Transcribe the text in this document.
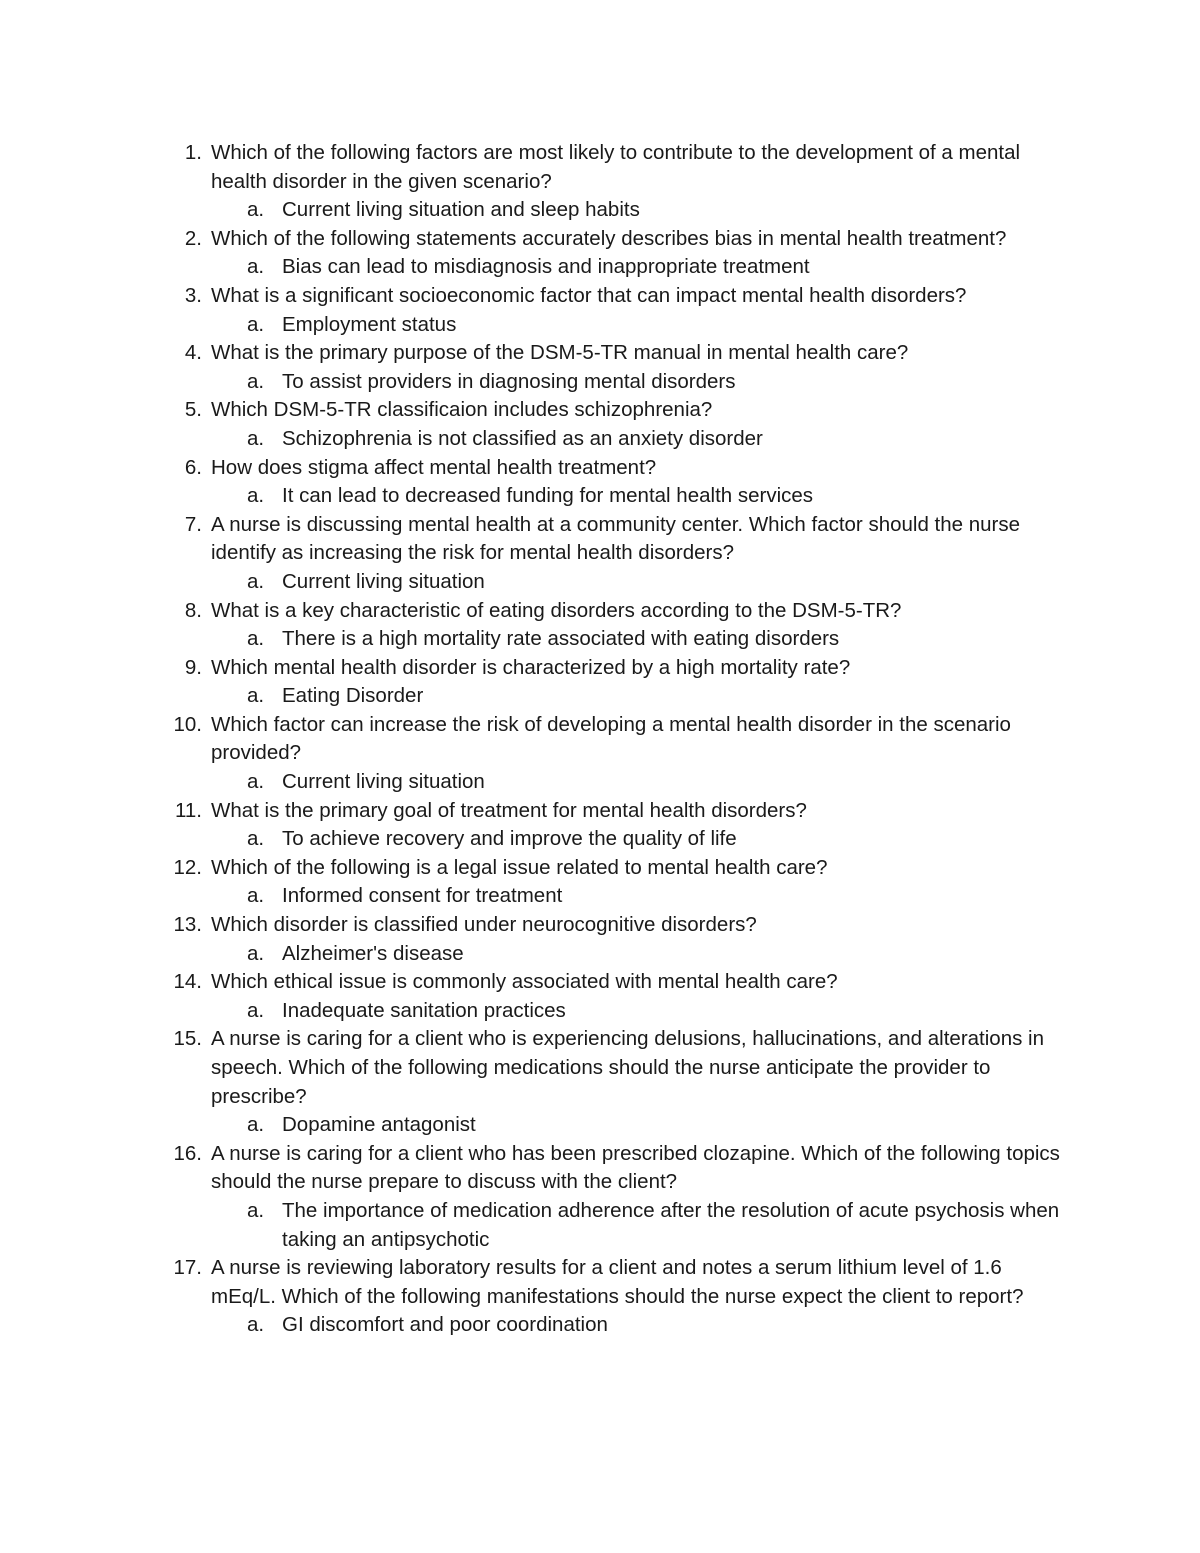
1. Which of the following factors are most likely to contribute to the development of a mental health disorder in the given scenario?
a. Current living situation and sleep habits
2. Which of the following statements accurately describes bias in mental health treatment?
a. Bias can lead to misdiagnosis and inappropriate treatment
3. What is a significant socioeconomic factor that can impact mental health disorders?
a. Employment status
4. What is the primary purpose of the DSM-5-TR manual in mental health care?
a. To assist providers in diagnosing mental disorders
5. Which DSM-5-TR classificaion includes schizophrenia?
a. Schizophrenia is not classified as an anxiety disorder
6. How does stigma affect mental health treatment?
a. It can lead to decreased funding for mental health services
7. A nurse is discussing mental health at a community center. Which factor should the nurse identify as increasing the risk for mental health disorders?
a. Current living situation
8. What is a key characteristic of eating disorders according to the DSM-5-TR?
a. There is a high mortality rate associated with eating disorders
9. Which mental health disorder is characterized by a high mortality rate?
a. Eating Disorder
10. Which factor can increase the risk of developing a mental health disorder in the scenario provided?
a. Current living situation
11. What is the primary goal of treatment for mental health disorders?
a. To achieve recovery and improve the quality of life
12. Which of the following is a legal issue related to mental health care?
a. Informed consent for treatment
13. Which disorder is classified under neurocognitive disorders?
a. Alzheimer's disease
14. Which ethical issue is commonly associated with mental health care?
a. Inadequate sanitation practices
15. A nurse is caring for a client who is experiencing delusions, hallucinations, and alterations in speech. Which of the following medications should the nurse anticipate the provider to prescribe?
a. Dopamine antagonist
16. A nurse is caring for a client who has been prescribed clozapine. Which of the following topics should the nurse prepare to discuss with the client?
a. The importance of medication adherence after the resolution of acute psychosis when taking an antipsychotic
17. A nurse is reviewing laboratory results for a client and notes a serum lithium level of 1.6 mEq/L. Which of the following manifestations should the nurse expect the client to report?
a. GI discomfort and poor coordination
